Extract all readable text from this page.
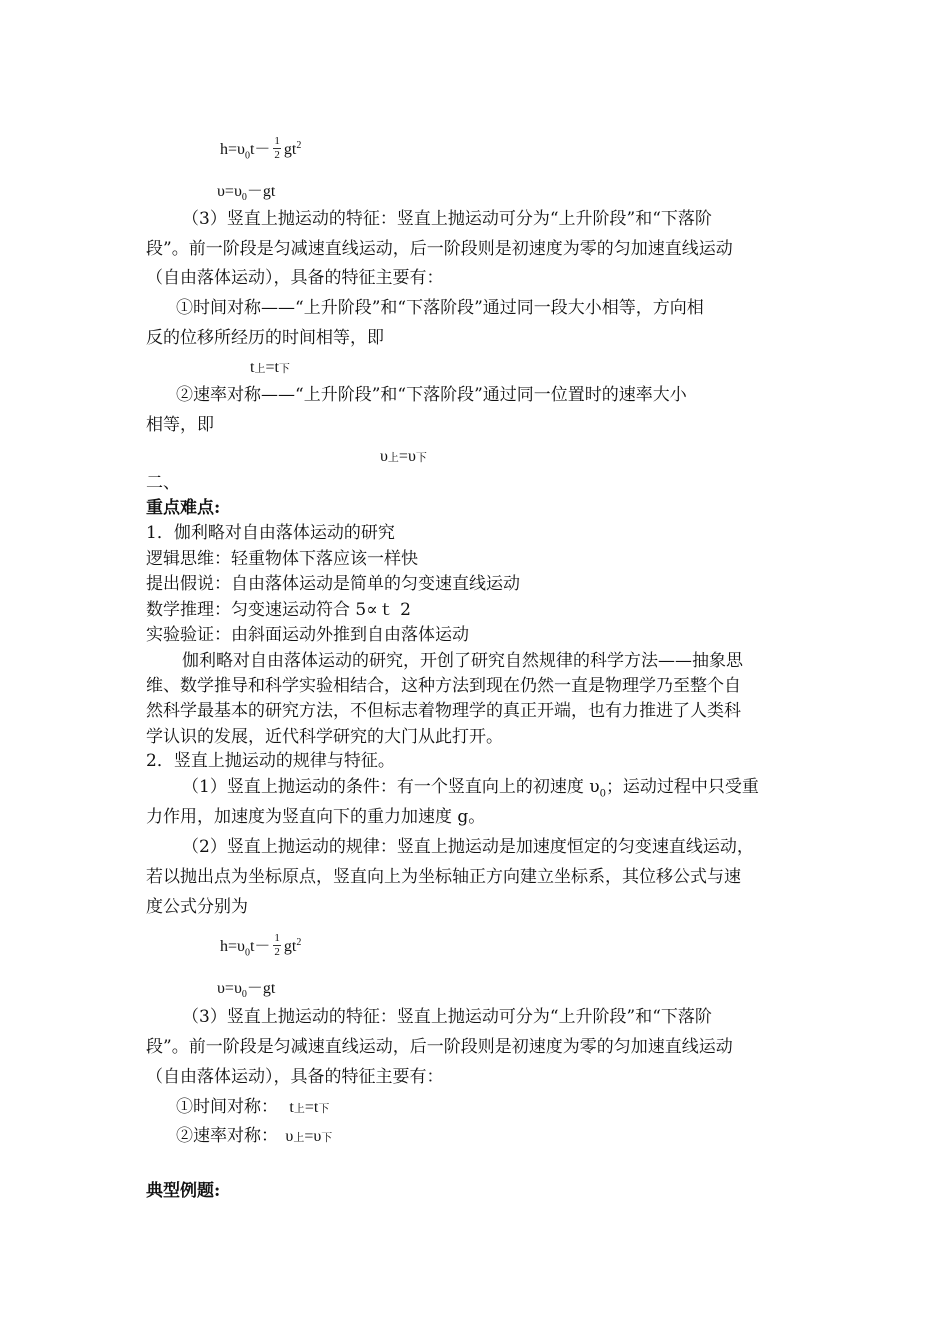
$h=\upsilon_0t- \frac{1}{2} gt^2$
$\upsilon=\upsilon_0-gt$
（3）竖直上抛运动的特征：竖直上抛运动可分为“上升阶段”和“下落阶
段”。前一阶段是匀减速直线运动，后一阶段则是初速度为零的匀加速直线运动
（自由落体运动），具备的特征主要有：
①时间对称——“上升阶段”和“下落阶段”通过同一段大小相等，方向相
反的位移所经历的时间相等，即
t上=t下
②速率对称——“上升阶段”和“下落阶段”通过同一位置时的速率大小
相等，即
υ上=υ下
二、
重点难点:
1．伽利略对自由落体运动的研究
逻辑思维：轻重物体下落应该一样快
提出假说：自由落体运动是简单的匀变速直线运动
数学推理：匀变速运动符合 5∝ｔ 2
实验验证：由斜面运动外推到自由落体运动
伽利略对自由落体运动的研究，开创了研究自然规律的科学方法——抽象思
维、数学推导和科学实验相结合，这种方法到现在仍然一直是物理学乃至整个自
然科学最基本的研究方法，不但标志着物理学的真正开端，也有力推进了人类科
学认识的发展，近代科学研究的大门从此打开。
2．竖直上抛运动的规律与特征。
（1）竖直上抛运动的条件：有一个竖直向上的初速度 $\upsilon_0$；运动过程中只受重
力作用，加速度为竖直向下的重力加速度 g。
（2）竖直上抛运动的规律：竖直上抛运动是加速度恒定的匀变速直线运动，
若以抛出点为坐标原点，竖直向上为坐标轴正方向建立坐标系，其位移公式与速
度公式分别为
$h=\upsilon_0t- \frac{1}{2} gt^2$
$\upsilon=\upsilon_0-gt$
（3）竖直上抛运动的特征：竖直上抛运动可分为“上升阶段”和“下落阶
段”。前一阶段是匀减速直线运动，后一阶段则是初速度为零的匀加速直线运动
（自由落体运动），具备的特征主要有：
①时间对称： t上=t下
②速率对称： υ上=υ下
典型例题:
